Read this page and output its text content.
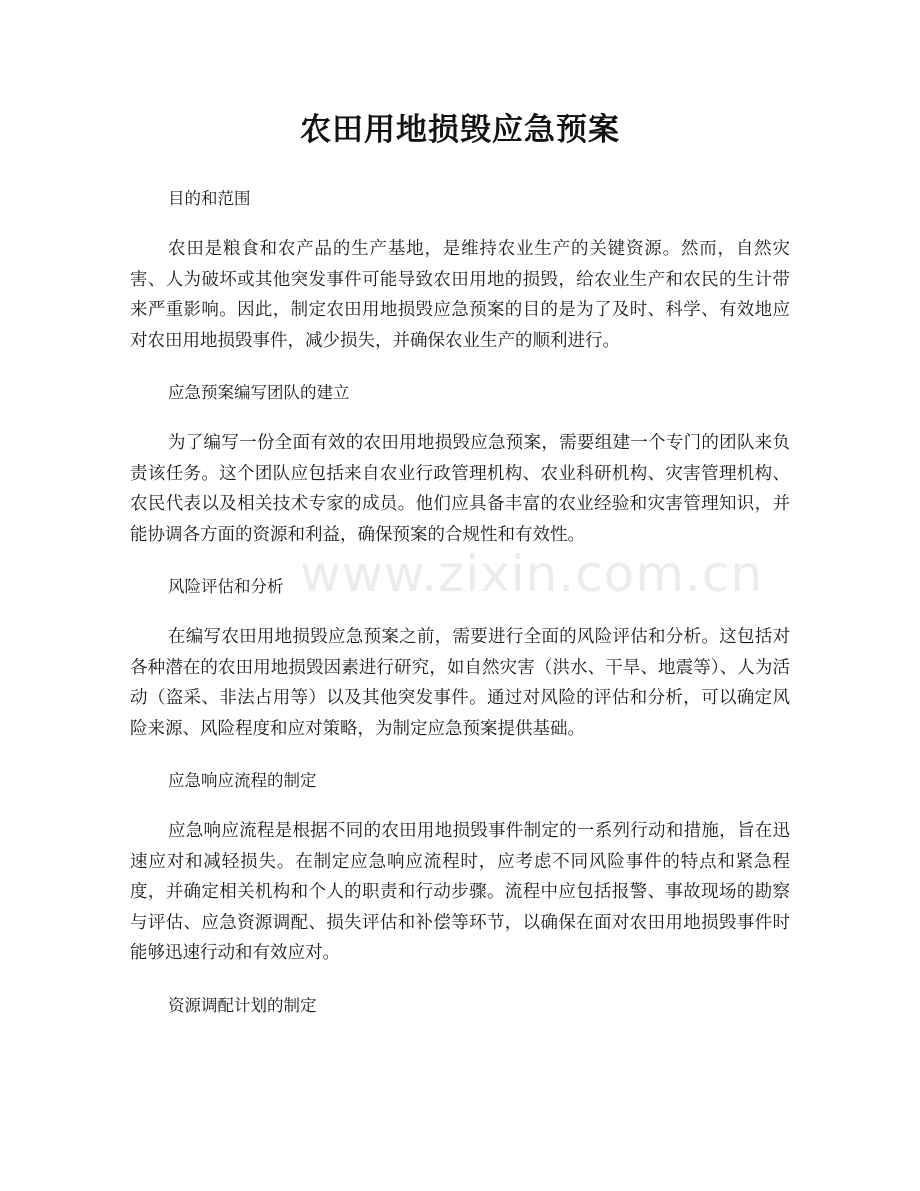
农田用地损毁应急预案

目的和范围

农田是粮食和农产品的生产基地，是维持农业生产的关键资源。然而，自然灾害、人为破坏或其他突发事件可能导致农田用地的损毁，给农业生产和农民的生计带来严重影响。因此，制定农田用地损毁应急预案的目的是为了及时、科学、有效地应对农田用地损毁事件，减少损失，并确保农业生产的顺利进行。

应急预案编写团队的建立

为了编写一份全面有效的农田用地损毁应急预案，需要组建一个专门的团队来负责该任务。这个团队应包括来自农业行政管理机构、农业科研机构、灾害管理机构、农民代表以及相关技术专家的成员。他们应具备丰富的农业经验和灾害管理知识，并能协调各方面的资源和利益，确保预案的合规性和有效性。

风险评估和分析

在编写农田用地损毁应急预案之前，需要进行全面的风险评估和分析。这包括对各种潜在的农田用地损毁因素进行研究，如自然灾害（洪水、干旱、地震等）、人为活动（盗采、非法占用等）以及其他突发事件。通过对风险的评估和分析，可以确定风险来源、风险程度和应对策略，为制定应急预案提供基础。

应急响应流程的制定

应急响应流程是根据不同的农田用地损毁事件制定的一系列行动和措施，旨在迅速应对和减轻损失。在制定应急响应流程时，应考虑不同风险事件的特点和紧急程度，并确定相关机构和个人的职责和行动步骤。流程中应包括报警、事故现场的勘察与评估、应急资源调配、损失评估和补偿等环节，以确保在面对农田用地损毁事件时能够迅速行动和有效应对。

资源调配计划的制定

www.zixin.com.cn
